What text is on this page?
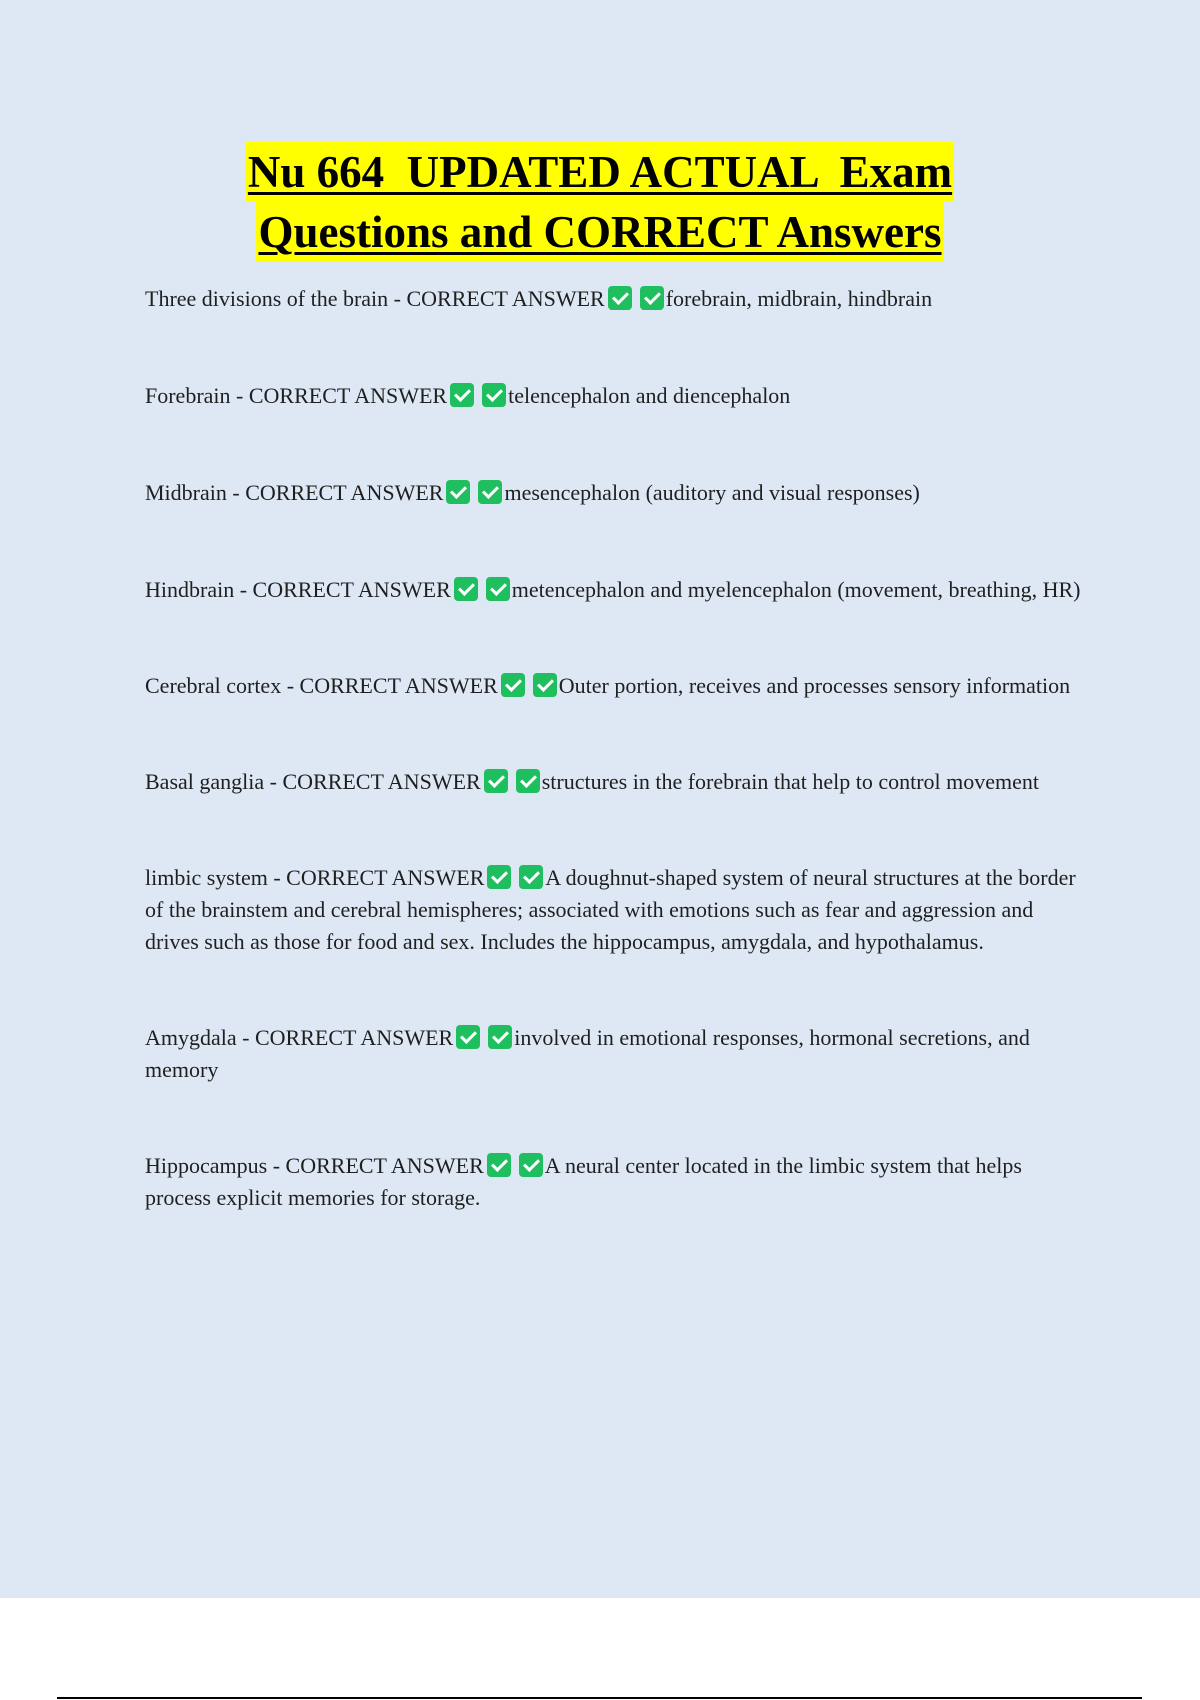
Nu 664  UPDATED ACTUAL  Exam
Questions and CORRECT Answers

Three divisions of the brain - CORRECT ANSWER	forebrain, midbrain, hindbrain

Forebrain - CORRECT ANSWER	telencephalon and diencephalon

Midbrain - CORRECT ANSWER	mesencephalon (auditory and visual responses)

Hindbrain - CORRECT ANSWER	metencephalon and myelencephalon (movement, breathing, HR)

Cerebral cortex - CORRECT ANSWER	Outer portion, receives and processes sensory information

Basal ganglia - CORRECT ANSWER	structures in the forebrain that help to control movement

limbic system - CORRECT ANSWER	A doughnut-shaped system of neural structures at the border of the brainstem and cerebral hemispheres; associated with emotions such as fear and aggression and drives such as those for food and sex. Includes the hippocampus, amygdala, and hypothalamus.

Amygdala - CORRECT ANSWER	involved in emotional responses, hormonal secretions, and memory

Hippocampus - CORRECT ANSWER	A neural center located in the limbic system that helps process explicit memories for storage.
